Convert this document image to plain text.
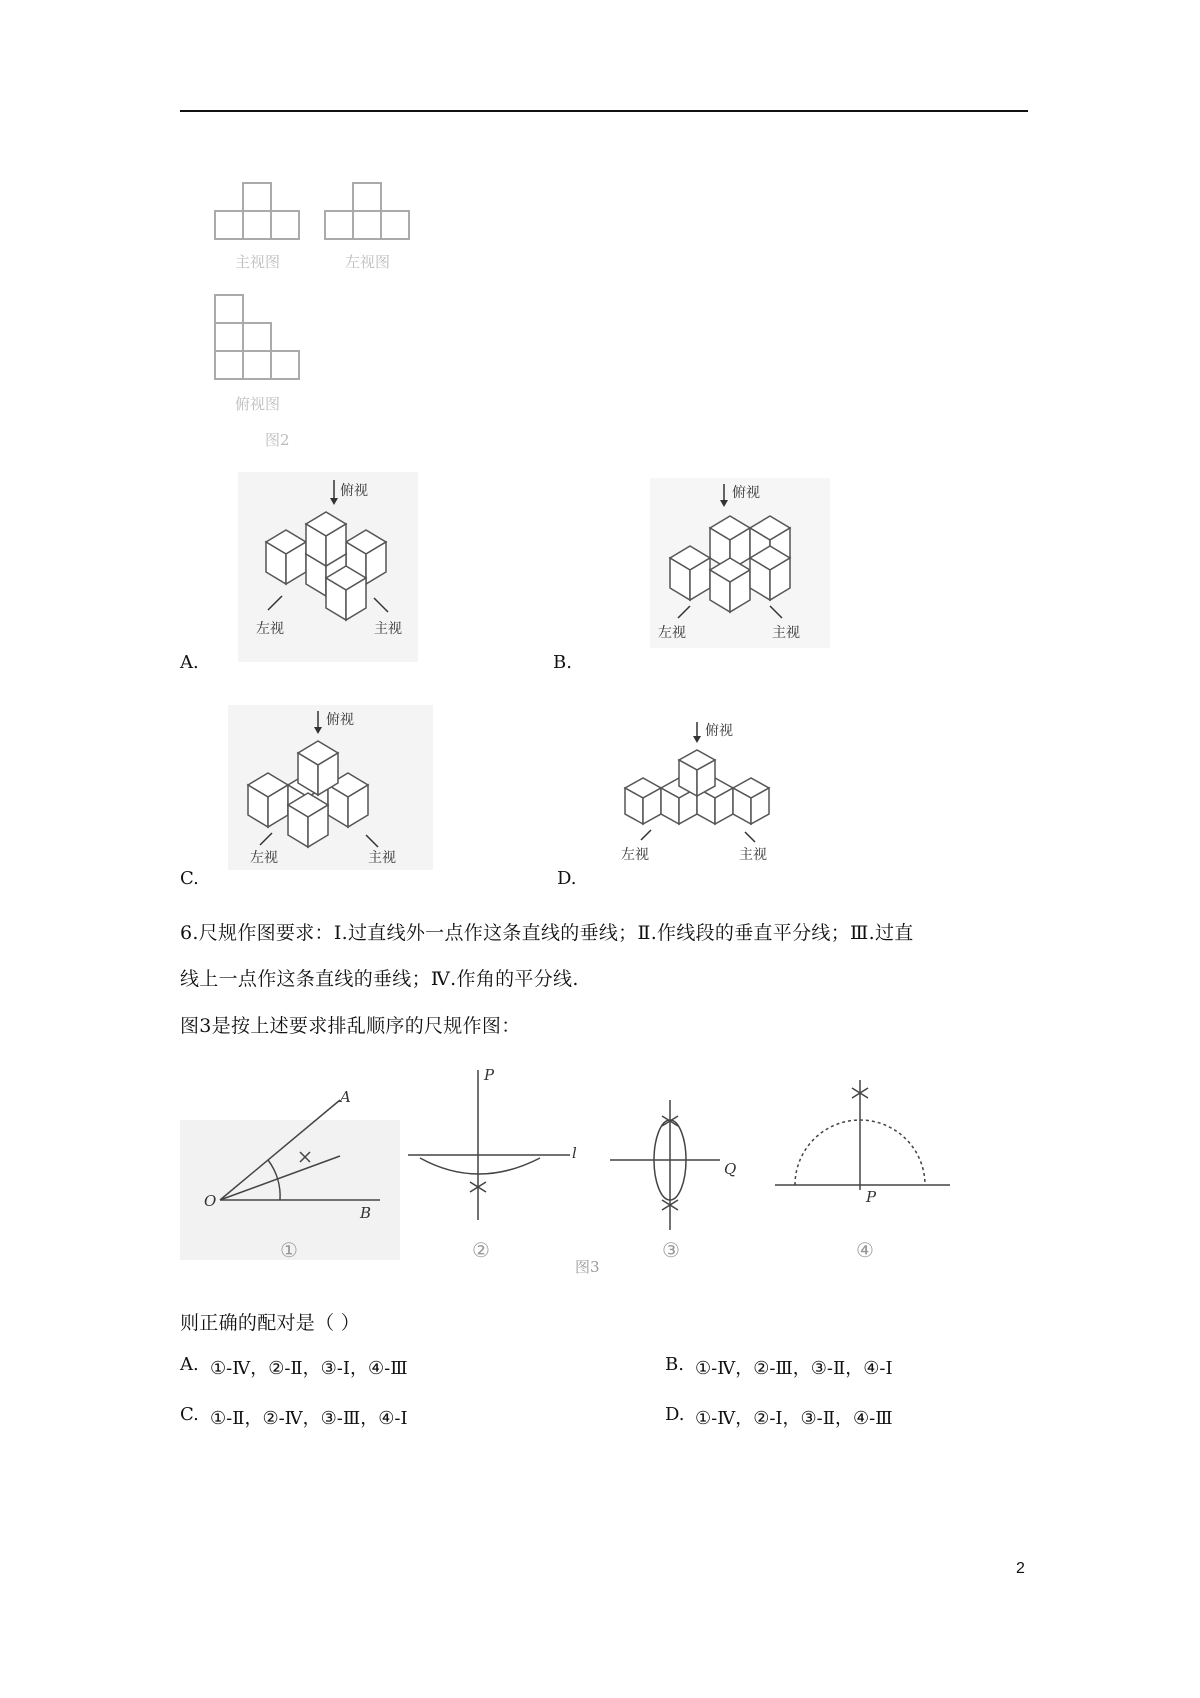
主视图	左视图
俯视图
图2
俯视
左视	主视
A.
俯视
左视	主视
B.
俯视
左视	主视
C.
俯视
左视	主视
D.
6.尺规作图要求：Ⅰ.过直线外一点作这条直线的垂线；Ⅱ.作线段的垂直平分线；Ⅲ.过直
线上一点作这条直线的垂线；Ⅳ.作角的平分线.
图3是按上述要求排乱顺序的尺规作图：
A
O
B
P
l
Q
P
①	②	③	④
图3
则正确的配对是（ ）
A. ①-Ⅳ，②-Ⅱ，③-Ⅰ，④-Ⅲ	B. ①-Ⅳ，②-Ⅲ，③-Ⅱ，④-Ⅰ
C. ①-Ⅱ，②-Ⅳ，③-Ⅲ，④-Ⅰ	D. ①-Ⅳ，②-Ⅰ，③-Ⅱ，④-Ⅲ
2
